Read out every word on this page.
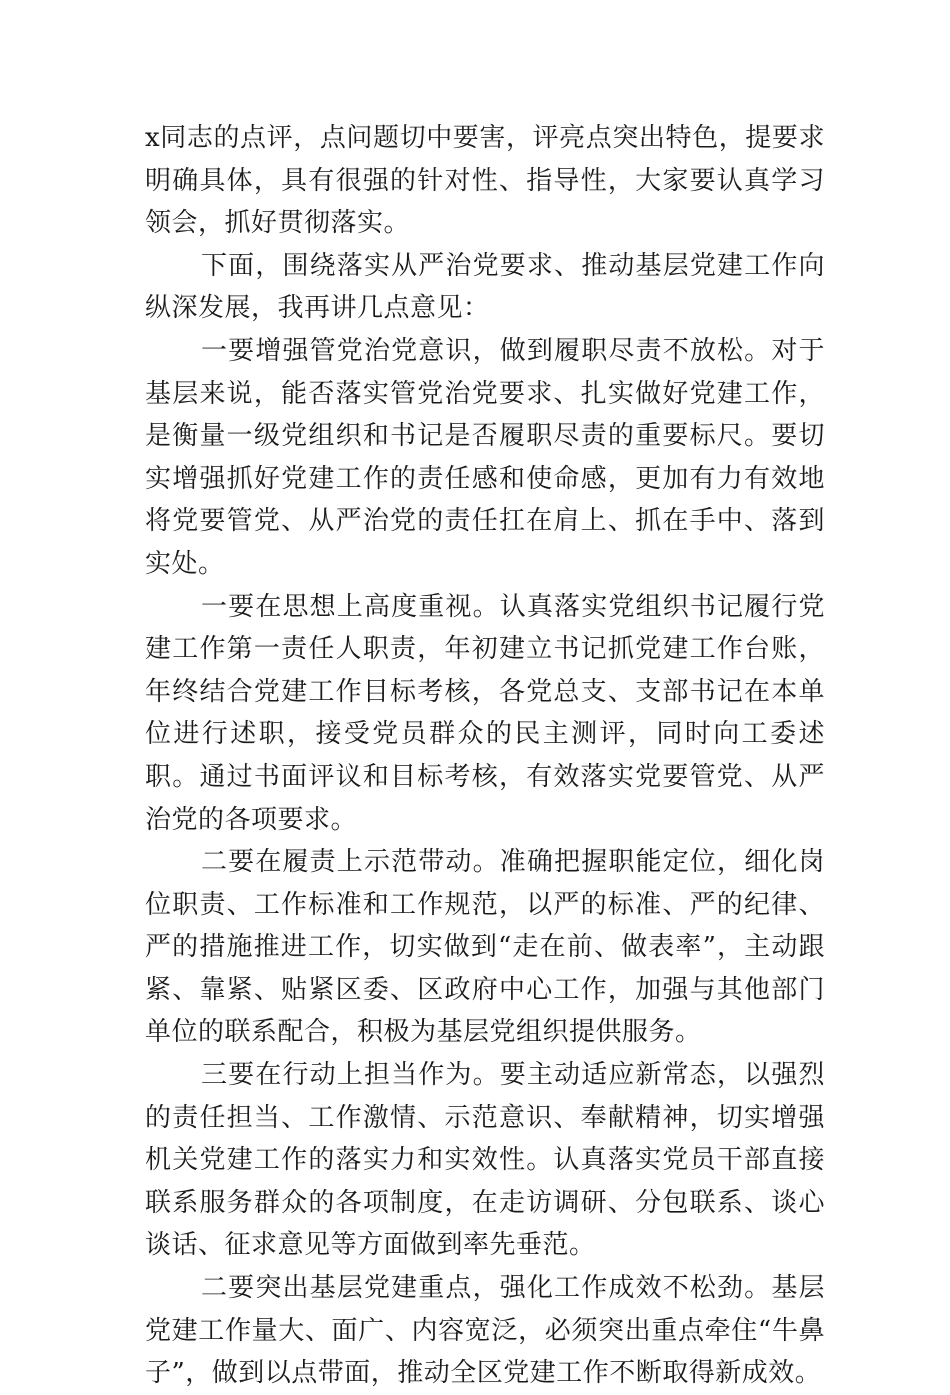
x同志的点评，点问题切中要害，评亮点突出特色，提要求明确具体，具有很强的针对性、指导性，大家要认真学习领会，抓好贯彻落实。

下面，围绕落实从严治党要求、推动基层党建工作向纵深发展，我再讲几点意见：

一要增强管党治党意识，做到履职尽责不放松。对于基层来说，能否落实管党治党要求、扎实做好党建工作，是衡量一级党组织和书记是否履职尽责的重要标尺。要切实增强抓好党建工作的责任感和使命感，更加有力有效地将党要管党、从严治党的责任扛在肩上、抓在手中、落到实处。

一要在思想上高度重视。认真落实党组织书记履行党建工作第一责任人职责，年初建立书记抓党建工作台账，年终结合党建工作目标考核，各党总支、支部书记在本单位进行述职，接受党员群众的民主测评，同时向工委述职。通过书面评议和目标考核，有效落实党要管党、从严治党的各项要求。

二要在履责上示范带动。准确把握职能定位，细化岗位职责、工作标准和工作规范，以严的标准、严的纪律、严的措施推进工作，切实做到“走在前、做表率”，主动跟紧、靠紧、贴紧区委、区政府中心工作，加强与其他部门单位的联系配合，积极为基层党组织提供服务。

三要在行动上担当作为。要主动适应新常态，以强烈的责任担当、工作激情、示范意识、奉献精神，切实增强机关党建工作的落实力和实效性。认真落实党员干部直接联系服务群众的各项制度，在走访调研、分包联系、谈心谈话、征求意见等方面做到率先垂范。

二要突出基层党建重点，强化工作成效不松劲。基层党建工作量大、面广、内容宽泛，必须突出重点牵住“牛鼻子”，做到以点带面，推动全区党建工作不断取得新成效。
